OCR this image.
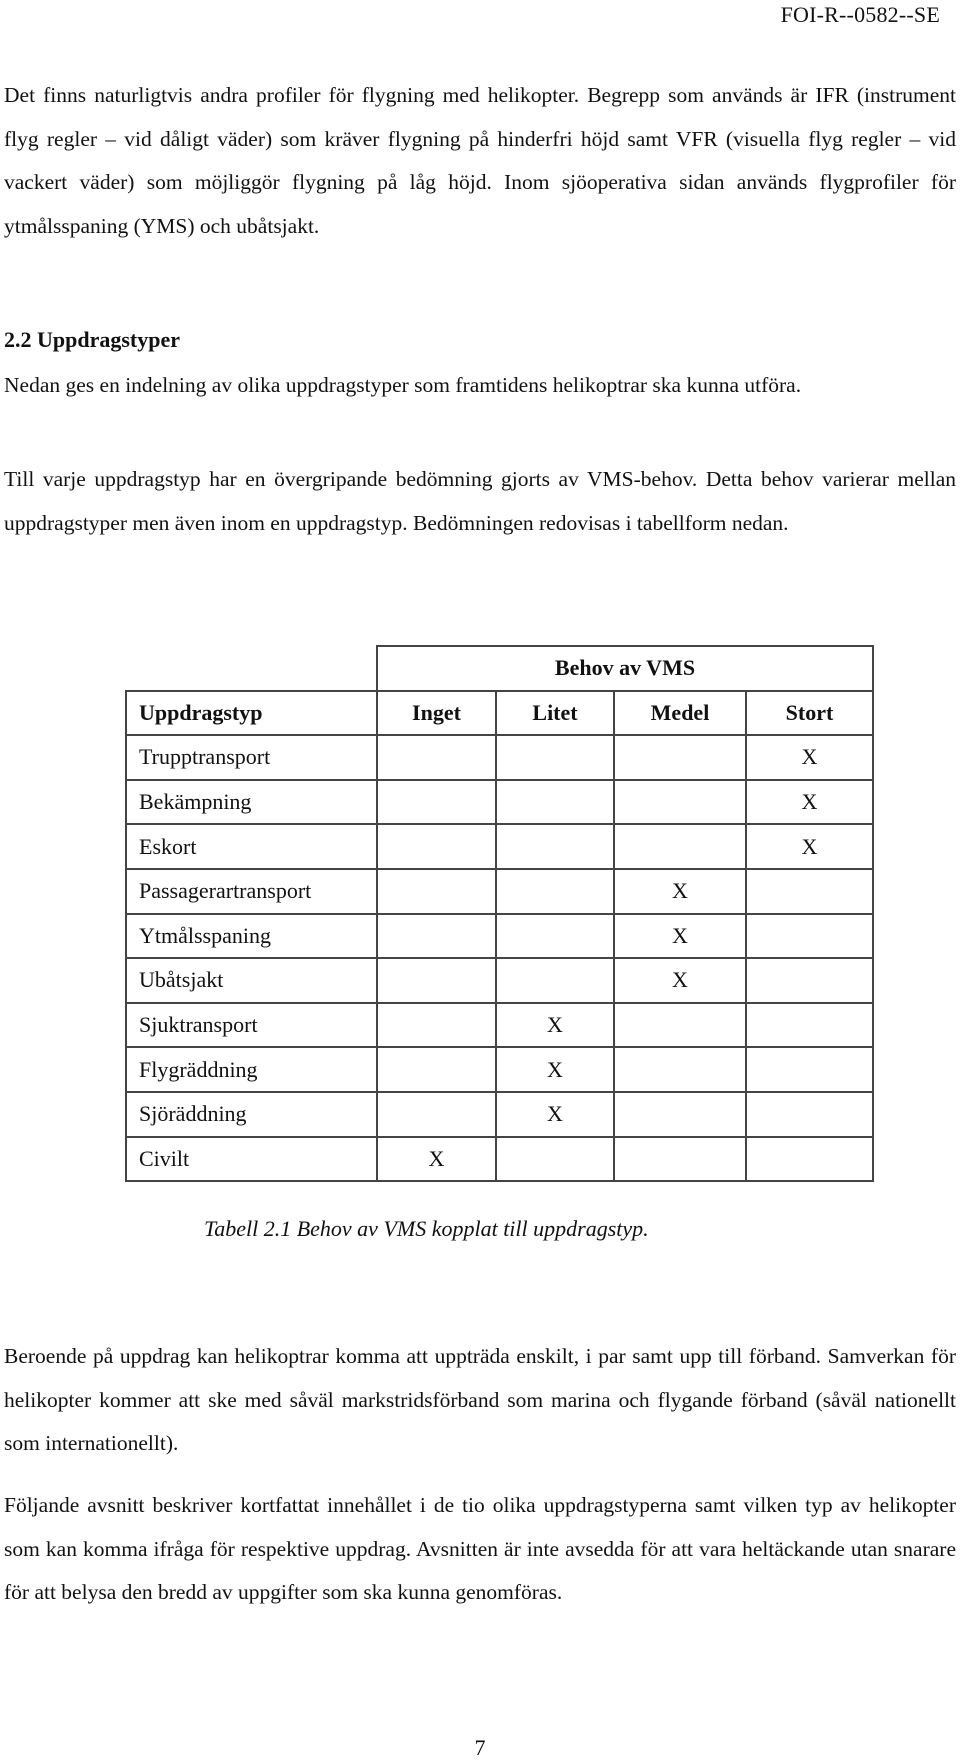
FOI-R--0582--SE

Det finns naturligtvis andra profiler för flygning med helikopter. Begrepp som används är IFR (instrument flyg regler – vid dåligt väder) som kräver flygning på hinderfri höjd samt VFR (visuella flyg regler – vid vackert väder) som möjliggör flygning på låg höjd. Inom sjöoperativa sidan används flygprofiler för ytmålsspaning (YMS) och ubåtsjakt.

2.2 Uppdragstyper

Nedan ges en indelning av olika uppdragstyper som framtidens helikoptrar ska kunna utföra.

Till varje uppdragstyp har en övergripande bedömning gjorts av VMS-behov. Detta behov varierar mellan uppdragstyper men även inom en uppdragstyp. Bedömningen redovisas i tabellform nedan.

	Behov av VMS			
Uppdragstyp	Inget	Litet	Medel	Stort
Trupptransport				X
Bekämpning				X
Eskort				X
Passagerartransport			X	
Ytmålsspaning			X	
Ubåtsjakt			X	
Sjuktransport		X		
Flygräddning		X		
Sjöräddning		X		
Civilt	X			
Tabell 2.1 Behov av VMS kopplat till uppdragstyp.

Beroende på uppdrag kan helikoptrar komma att uppträda enskilt, i par samt upp till förband. Samverkan för helikopter kommer att ske med såväl markstridsförband som marina och flygande förband (såväl nationellt som internationellt).

Följande avsnitt beskriver kortfattat innehållet i de tio olika uppdragstyperna samt vilken typ av helikopter som kan komma ifråga för respektive uppdrag. Avsnitten är inte avsedda för att vara heltäckande utan snarare för att belysa den bredd av uppgifter som ska kunna genomföras.

7
